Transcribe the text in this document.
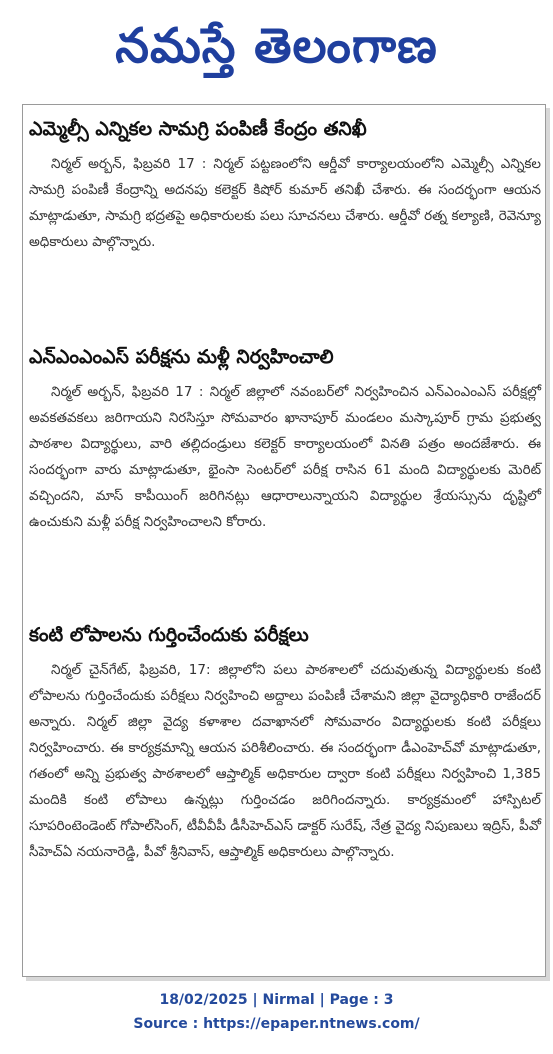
నమస్తే తెలంగాణ
ఎమ్మెల్సీ ఎన్నికల సామగ్రి పంపిణీ కేంద్రం తనిఖీ
నిర్మల్ అర్బన్, ఫిబ్రవరి 17 : నిర్మల్ పట్టణంలోని ఆర్డీవో కార్యాలయంలోని ఎమ్మెల్సీ ఎన్నికల సామగ్రి పంపిణీ కేంద్రాన్ని అదనపు కలెక్టర్ కిషోర్ కుమార్ తనిఖీ చేశారు. ఈ సందర్భంగా ఆయన మాట్లాడుతూ, సామగ్రి భద్రతపై అధికారులకు పలు సూచనలు చేశారు. ఆర్డీవో రత్న కల్యాణి, రెవెన్యూ అధికారులు పాల్గొన్నారు.
ఎన్ఎంఎంఎస్ పరీక్షను మళ్లీ నిర్వహించాలి
నిర్మల్ అర్బన్, ఫిబ్రవరి 17 : నిర్మల్ జిల్లాలో నవంబర్‌లో నిర్వహించిన ఎన్ఎంఎంఎస్ పరీక్షల్లో అవకతవకలు జరిగాయని నిరసిస్తూ సోమవారం ఖానాపూర్ మండలం మస్కాపూర్ గ్రామ ప్రభుత్వ పాఠశాల విద్యార్థులు, వారి తల్లిదండ్రులు కలెక్టర్ కార్యాలయంలో వినతి పత్రం అందజేశారు. ఈ సందర్భంగా వారు మాట్లాడుతూ, భైంసా సెంటర్‌లో పరీక్ష రాసిన 61 మంది విద్యార్థులకు మెరిట్ వచ్చిందని, మాస్ కాపీయింగ్ జరిగినట్లు ఆధారాలున్నాయని విద్యార్థుల శ్రేయస్సును దృష్టిలో ఉంచుకుని మళ్లీ పరీక్ష నిర్వహించాలని కోరారు.
కంటి లోపాలను గుర్తించేందుకు పరీక్షలు
నిర్మల్ చైన్‌గేట్, ఫిబ్రవరి, 17: జిల్లాలోని పలు పాఠశాలలో చదువుతున్న విద్యార్థులకు కంటి లోపాలను గుర్తించేందుకు పరీక్షలు నిర్వహించి అద్దాలు పంపిణీ చేశామని జిల్లా వైద్యాధికారి రాజేందర్ అన్నారు. నిర్మల్ జిల్లా వైద్య కళాశాల దవాఖానలో సోమవారం విద్యార్థులకు కంటి పరీక్షలు నిర్వహించారు. ఈ కార్యక్రమాన్ని ఆయన పరిశీలించారు. ఈ సందర్భంగా డీఎంహెచ్‌వో మాట్లాడుతూ, గతంలో అన్ని ప్రభుత్వ పాఠశాలలో ఆప్తాల్మిక్ అధికారుల ద్వారా కంటి పరీక్షలు నిర్వహించి 1,385 మందికి కంటి లోపాలు ఉన్నట్లు గుర్తించడం జరిగిందన్నారు. కార్యక్రమంలో హాస్పిటల్ సూపరింటెండెంట్ గోపాల్‌సింగ్, టీవీవీపీ డీసీహెచ్ఎస్ డాక్టర్ సురేష్, నేత్ర వైద్య నిపుణులు ఇద్రిస్, పీవో సీహెచ్‌ఏ నయనారెడ్డి, పీవో శ్రీనివాస్, ఆప్తాల్మిక్ అధికారులు పాల్గొన్నారు.
18/02/2025 | Nirmal | Page : 3
Source : https://epaper.ntnews.com/
